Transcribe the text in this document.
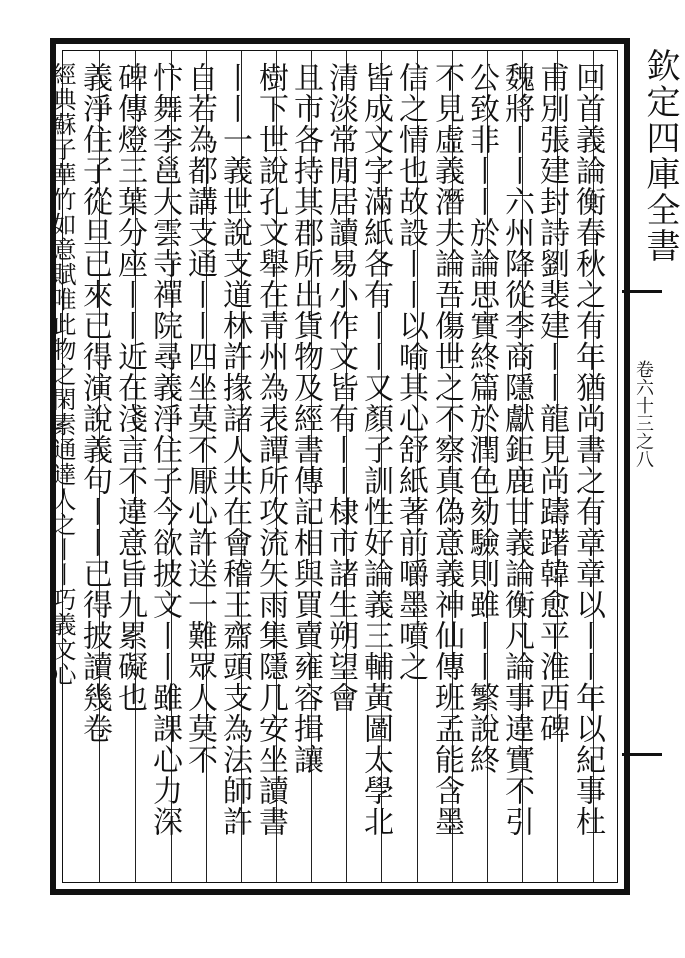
欽定四庫全書
卷六十三之八
回首義論衡春秋之有年猶尚書之有章章以丨丨年以紀事杜
甫別張建封詩劉裴建丨丨龍見尚躊躇韓愈平淮西碑
魏將丨丨六州降從李商隱獻鉅鹿甘義論衡凡論事違實不引
公致非丨丨於論思實終篇於潤色劾驗則雖丨丨繁說終
不見虛義潛夫論吾傷世之不察真偽意義神仙傳班孟能含墨
信之情也故設丨丨以喻其心舒紙著前嚼墨噴之
皆成文字滿紙各有丨丨又顏子訓性好論義三輔黃圖太學北
清淡常閒居讀易小作文皆有丨丨棣市諸生朔望會
且市各持其郡所出貨物及經書傳記相與買賣雍容揖讓
樹下世說孔文舉在青州為表譚所攻流矢雨集隱几安坐讀書
丨丨一義世說支道林許掾諸人共在會稽王齋頭支為法師許
自若為都講支通丨丨四坐莫不厭心許送一難眾人莫不
忭舞李邕大雲寺禪院尋義淨住子今欲披文丨丨雖課心力深
碑傳燈三葉分座丨丨近在淺言不違意旨九累礙也
義淨住子從旦已來已得演說義句丨丨已得披讀幾卷
經典蘇子華竹如意賦唯此物之閑素通達人之丨丨巧義文心
